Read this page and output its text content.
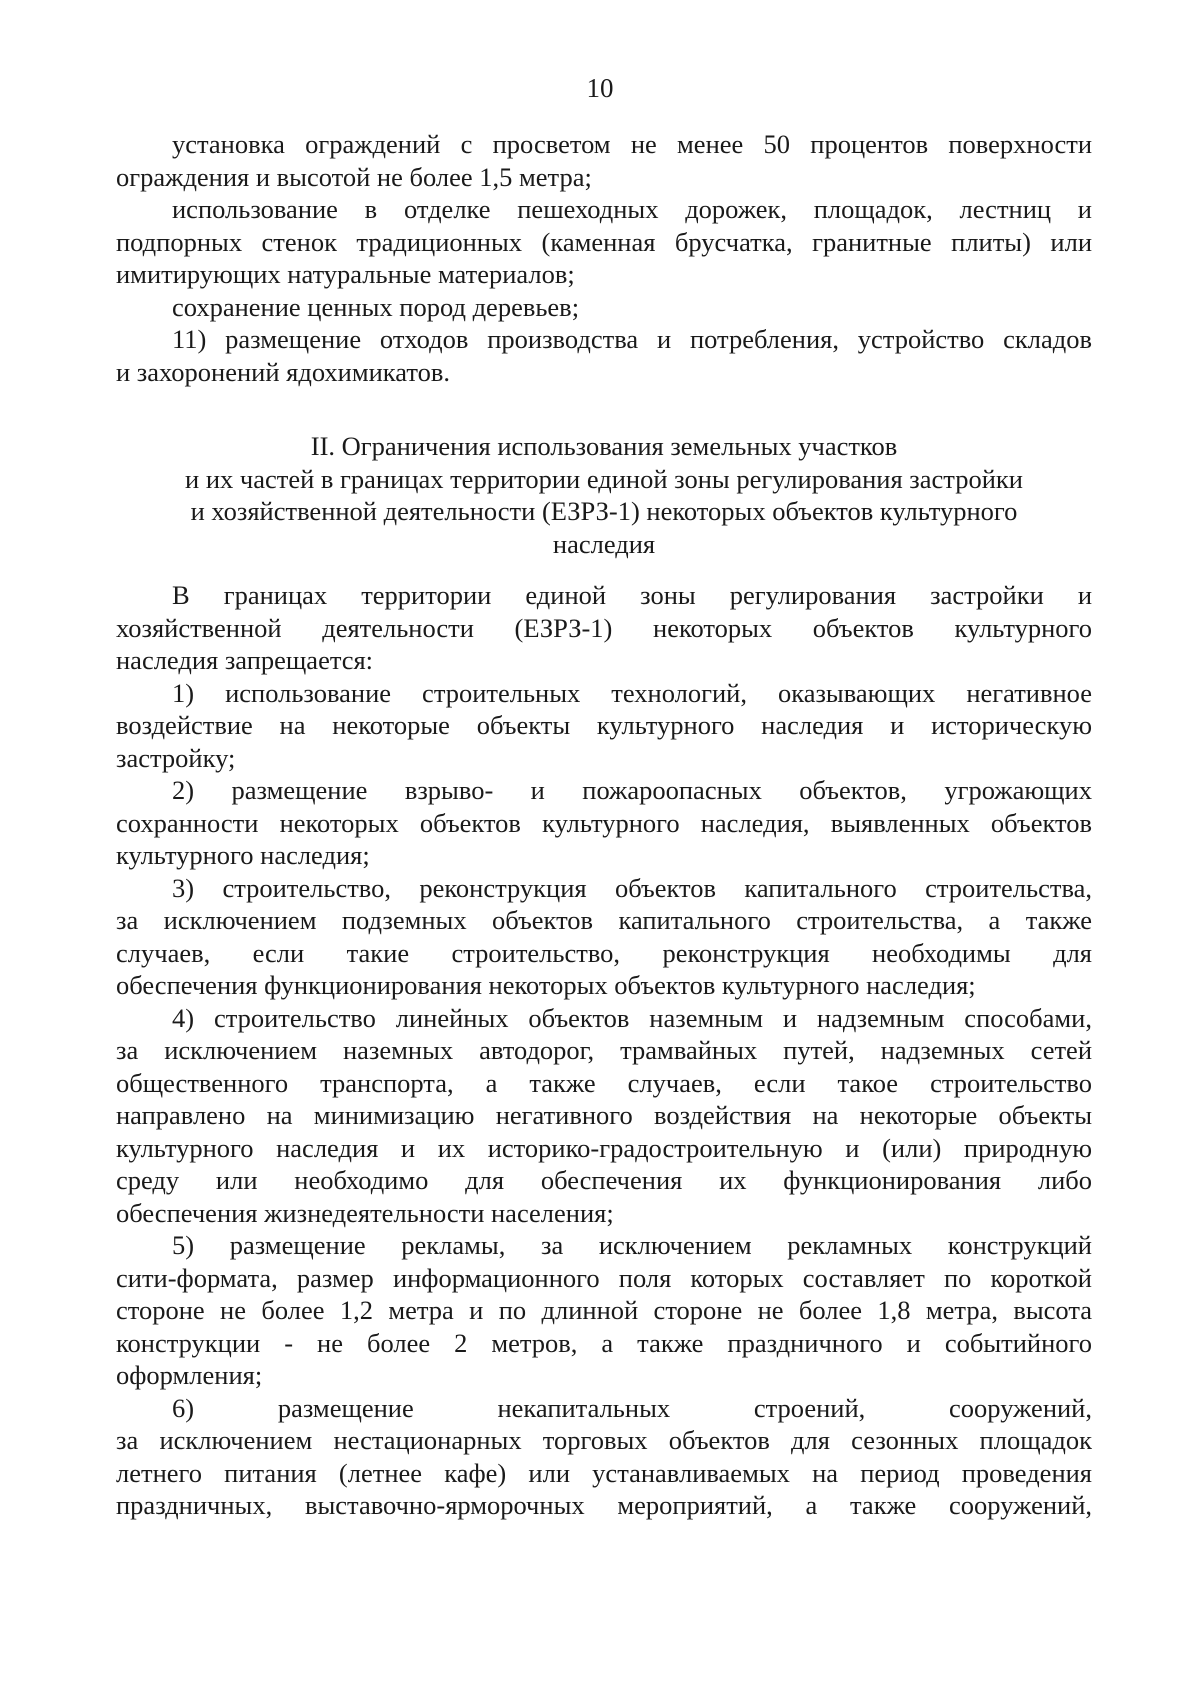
10

установка ограждений с просветом не менее 50 процентов поверхности

ограждения и высотой не более 1,5 метра;

использование в отделке пешеходных дорожек, площадок, лестниц и

подпорных стенок традиционных (каменная брусчатка, гранитные плиты) или

имитирующих натуральные материалов;

сохранение ценных пород деревьев;

11) размещение отходов производства и потребления, устройство складов

и захоронений ядохимикатов.

II. Ограничения использования земельных участков

и их частей в границах территории единой зоны регулирования застройки

и хозяйственной деятельности (ЕЗРЗ-1) некоторых объектов культурного

наследия

В границах территории единой зоны регулирования застройки и

хозяйственной деятельности (ЕЗРЗ-1) некоторых объектов культурного

наследия запрещается:

1) использование строительных технологий, оказывающих негативное

воздействие на некоторые объекты культурного наследия и историческую

застройку;

2) размещение взрыво- и пожароопасных объектов, угрожающих

сохранности некоторых объектов культурного наследия, выявленных объектов

культурного наследия;

3) строительство, реконструкция объектов капитального строительства,

за исключением подземных объектов капитального строительства, а также

случаев, если такие строительство, реконструкция необходимы для

обеспечения функционирования некоторых объектов культурного наследия;

4) строительство линейных объектов наземным и надземным способами,

за исключением наземных автодорог, трамвайных путей, надземных сетей

общественного транспорта, а также случаев, если такое строительство

направлено на минимизацию негативного воздействия на некоторые объекты

культурного наследия и их историко-градостроительную и (или) природную

среду или необходимо для обеспечения их функционирования либо

обеспечения жизнедеятельности населения;

5) размещение рекламы, за исключением рекламных конструкций

сити-формата, размер информационного поля которых составляет по короткой

стороне не более 1,2 метра и по длинной стороне не более 1,8 метра, высота

конструкции - не более 2 метров, а также праздничного и событийного

оформления;

6) размещение некапитальных строений, сооружений,

за исключением нестационарных торговых объектов для сезонных площадок

летнего питания (летнее кафе) или устанавливаемых на период проведения

праздничных, выставочно-ярморочных мероприятий, а также сооружений,
